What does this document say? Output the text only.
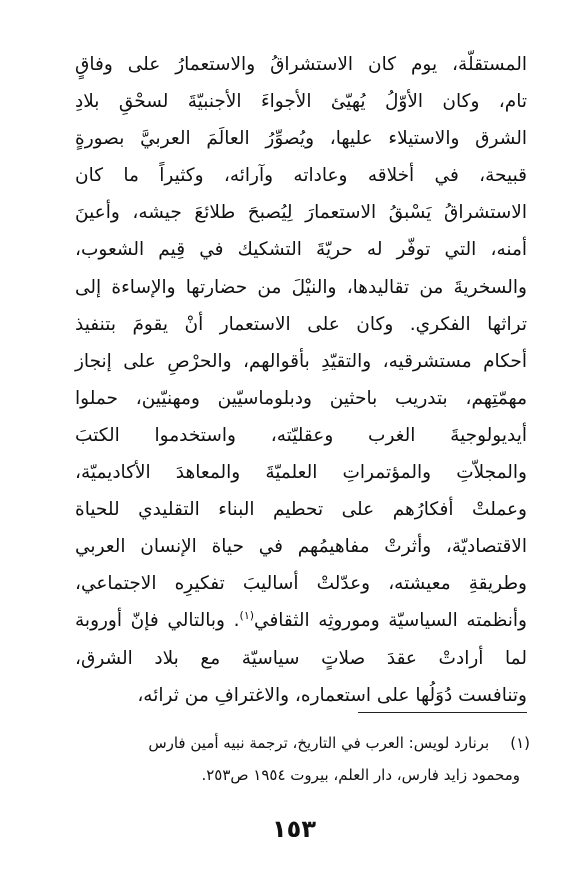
المستقلّة، يوم كان الاستشراقُ والاستعمارُ على وفاقٍ
تام، وكان الأوّلُ يُهيّئ الأجواءَ الأجنبيّةَ لسحْقِ بلادِ
الشرق والاستيلاء عليها، ويُصوِّرُ العالَمَ العربيَّ بصورةٍ
قبيحة، في أخلاقه وعاداته وآرائه، وكثيراً ما كان
الاستشراقُ يَسْبقُ الاستعمارَ لِيُصبحَ طلائعَ جيشه، وأعينَ
أمنه، التي توفّر له حريّةَ التشكيك في قِيم الشعوب،
والسخريةَ من تقاليدها، والنيْلَ من حضارتها والإساءة إلى
تراثها الفكري. وكان على الاستعمار أنْ يقومَ بتنفيذ
أحكام مستشرقيه، والتقيّدِ بأقوالهم، والحرْصِ على إنجاز
مهمّتِهم، بتدريب باحثين ودبلوماسيّين ومهنيّين، حملوا
أيديولوجيةَ الغرب وعقليّته، واستخدموا الكتبَ
والمجلاّتِ والمؤتمراتِ العلميّةَ والمعاهدَ الأكاديميّة،
وعملتْ أفكارُهم على تحطيم البناء التقليدي للحياة
الاقتصاديّة، وأثرتْ مفاهيمُهم في حياة الإنسان العربي
وطريقةِ معيشته، وعدّلتْ أساليبَ تفكيرِه الاجتماعي،
وأنظمته السياسيّة وموروثِه الثقافي$^{(١)}$. وبالتالي فإنّ أوروبة
لما أرادتْ عقدَ صلاتٍ سياسيّة مع بلاد الشرق،
وتنافست دُوَلُها على استعماره، والاغترافِ من ثرائه،
(١) برنارد لويس: العرب في التاريخ، ترجمة نبيه أمين فارس
ومحمود زايد فارس، دار العلم، بيروت ١٩٥٤ ص٢٥٣.
١٥٣
